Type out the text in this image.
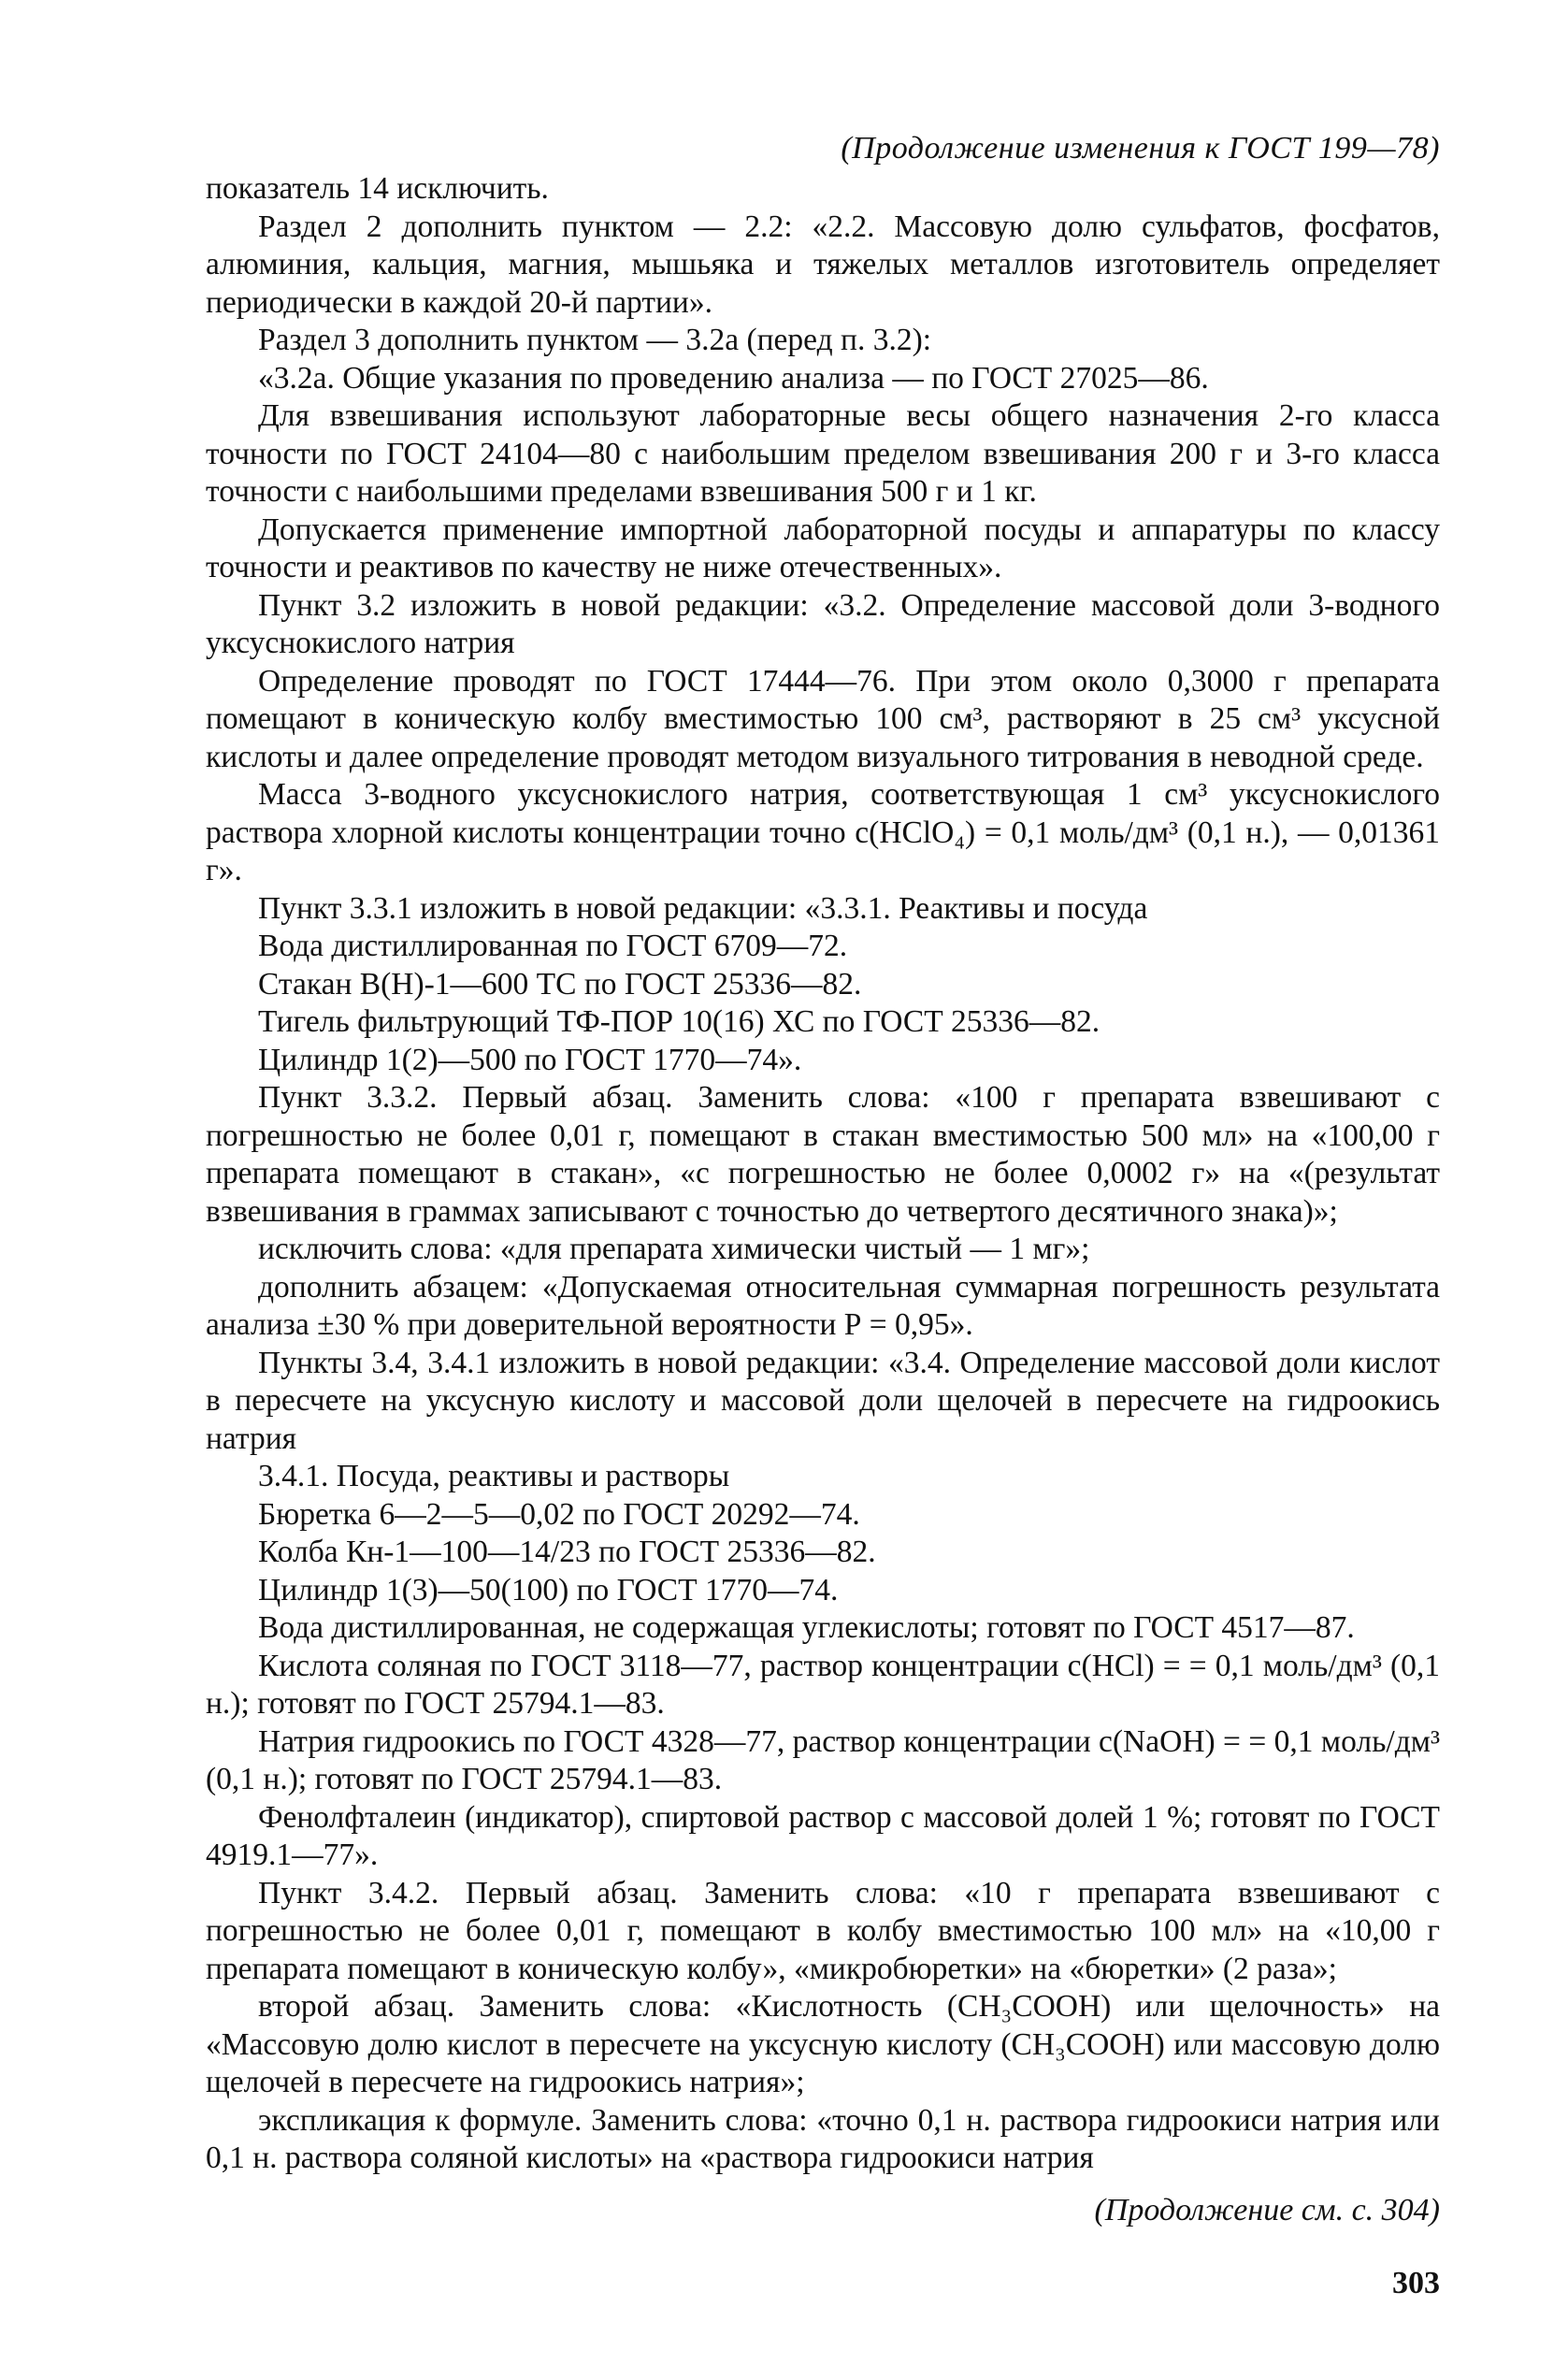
(Продолжение изменения к ГОСТ 199—78)

показатель 14 исключить.

Раздел 2 дополнить пунктом — 2.2: «2.2. Массовую долю сульфатов, фосфатов, алюминия, кальция, магния, мышьяка и тяжелых металлов изготовитель определяет периодически в каждой 20-й партии».

Раздел 3 дополнить пунктом — 3.2а (перед п. 3.2):

«3.2а. Общие указания по проведению анализа — по ГОСТ 27025—86.

Для взвешивания используют лабораторные весы общего назначения 2-го класса точности по ГОСТ 24104—80 с наибольшим пределом взвешивания 200 г и 3-го класса точности с наибольшими пределами взвешивания 500 г и 1 кг.

Допускается применение импортной лабораторной посуды и аппаратуры по классу точности и реактивов по качеству не ниже отечественных».

Пункт 3.2 изложить в новой редакции: «3.2. Определение массовой доли 3-водного уксуснокислого натрия

Определение проводят по ГОСТ 17444—76. При этом около 0,3000 г препарата помещают в коническую колбу вместимостью 100 см³, растворяют в 25 см³ уксусной кислоты и далее определение проводят методом визуального титрования в неводной среде.

Масса 3-водного уксуснокислого натрия, соответствующая 1 см³ уксуснокислого раствора хлорной кислоты концентрации точно с(HClO₄) = 0,1 моль/дм³ (0,1 н.), — 0,01361 г».

Пункт 3.3.1 изложить в новой редакции: «3.3.1. Реактивы и посуда

Вода дистиллированная по ГОСТ 6709—72.

Стакан В(Н)-1—600 ТС по ГОСТ 25336—82.

Тигель фильтрующий ТФ-ПОР 10(16) ХС по ГОСТ 25336—82.

Цилиндр 1(2)—500 по ГОСТ 1770—74».

Пункт 3.3.2. Первый абзац. Заменить слова: «100 г препарата взвешивают с погрешностью не более 0,01 г, помещают в стакан вместимостью 500 мл» на «100,00 г препарата помещают в стакан», «с погрешностью не более 0,0002 г» на «(результат взвешивания в граммах записывают с точностью до четвертого десятичного знака)»;

исключить слова: «для препарата химически чистый — 1 мг»;

дополнить абзацем: «Допускаемая относительная суммарная погрешность результата анализа ±30 % при доверительной вероятности Р = 0,95».

Пункты 3.4, 3.4.1 изложить в новой редакции: «3.4. Определение массовой доли кислот в пересчете на уксусную кислоту и массовой доли щелочей в пересчете на гидроокись натрия

3.4.1. Посуда, реактивы и растворы

Бюретка 6—2—5—0,02 по ГОСТ 20292—74.

Колба Кн-1—100—14/23 по ГОСТ 25336—82.

Цилиндр 1(3)—50(100) по ГОСТ 1770—74.

Вода дистиллированная, не содержащая углекислоты; готовят по ГОСТ 4517—87.

Кислота соляная по ГОСТ 3118—77, раствор концентрации с(HCl) = = 0,1 моль/дм³ (0,1 н.); готовят по ГОСТ 25794.1—83.

Натрия гидроокись по ГОСТ 4328—77, раствор концентрации с(NaOH) = = 0,1 моль/дм³ (0,1 н.); готовят по ГОСТ 25794.1—83.

Фенолфталеин (индикатор), спиртовой раствор с массовой долей 1 %; готовят по ГОСТ 4919.1—77».

Пункт 3.4.2. Первый абзац. Заменить слова: «10 г препарата взвешивают с погрешностью не более 0,01 г, помещают в колбу вместимостью 100 мл» на «10,00 г препарата помещают в коническую колбу», «микробюретки» на «бюретки» (2 раза»;

второй абзац. Заменить слова: «Кислотность (CH₃COOH) или щелочность» на «Массовую долю кислот в пересчете на уксусную кислоту (CH₃COOH) или массовую долю щелочей в пересчете на гидроокись натрия»;

экспликация к формуле. Заменить слова: «точно 0,1 н. раствора гидроокиси натрия или 0,1 н. раствора соляной кислоты» на «раствора гидроокиси натрия

(Продолжение см. с. 304)
303
